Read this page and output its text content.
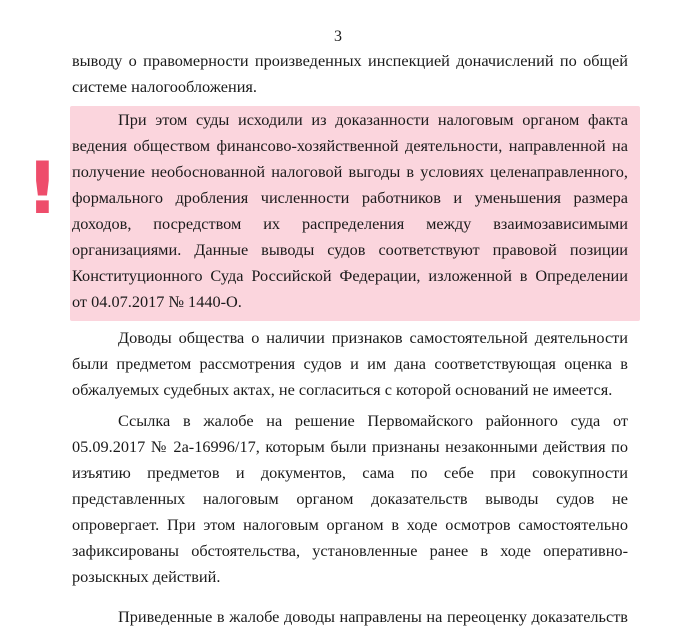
3
!
выводу о правомерности произведенных инспекцией доначислений по общей
системе налогообложения.
При этом суды исходили из доказанности налоговым органом факта
ведения обществом финансово-хозяйственной деятельности, направленной на
получение необоснованной налоговой выгоды в условиях целенаправленного,
формального дробления численности работников и уменьшения размера
доходов, посредством их распределения между взаимозависимыми
организациями. Данные выводы судов соответствуют правовой позиции
Конституционного Суда Российской Федерации, изложенной в Определении
от 04.07.2017 № 1440-О.
Доводы общества о наличии признаков самостоятельной деятельности
были предметом рассмотрения судов и им дана соответствующая оценка в
обжалуемых судебных актах, не согласиться с которой оснований не имеется.
Ссылка в жалобе на решение Первомайского районного суда от
05.09.2017 № 2а-16996/17, которым были признаны незаконными действия по
изъятию предметов и документов, сама по себе при совокупности
представленных налоговым органом доказательств выводы судов не
опровергает. При этом налоговым органом в ходе осмотров самостоятельно
зафиксированы обстоятельства, установленные ранее в ходе оперативно-
розыскных действий.
Приведенные в жалобе доводы направлены на переоценку доказательств
